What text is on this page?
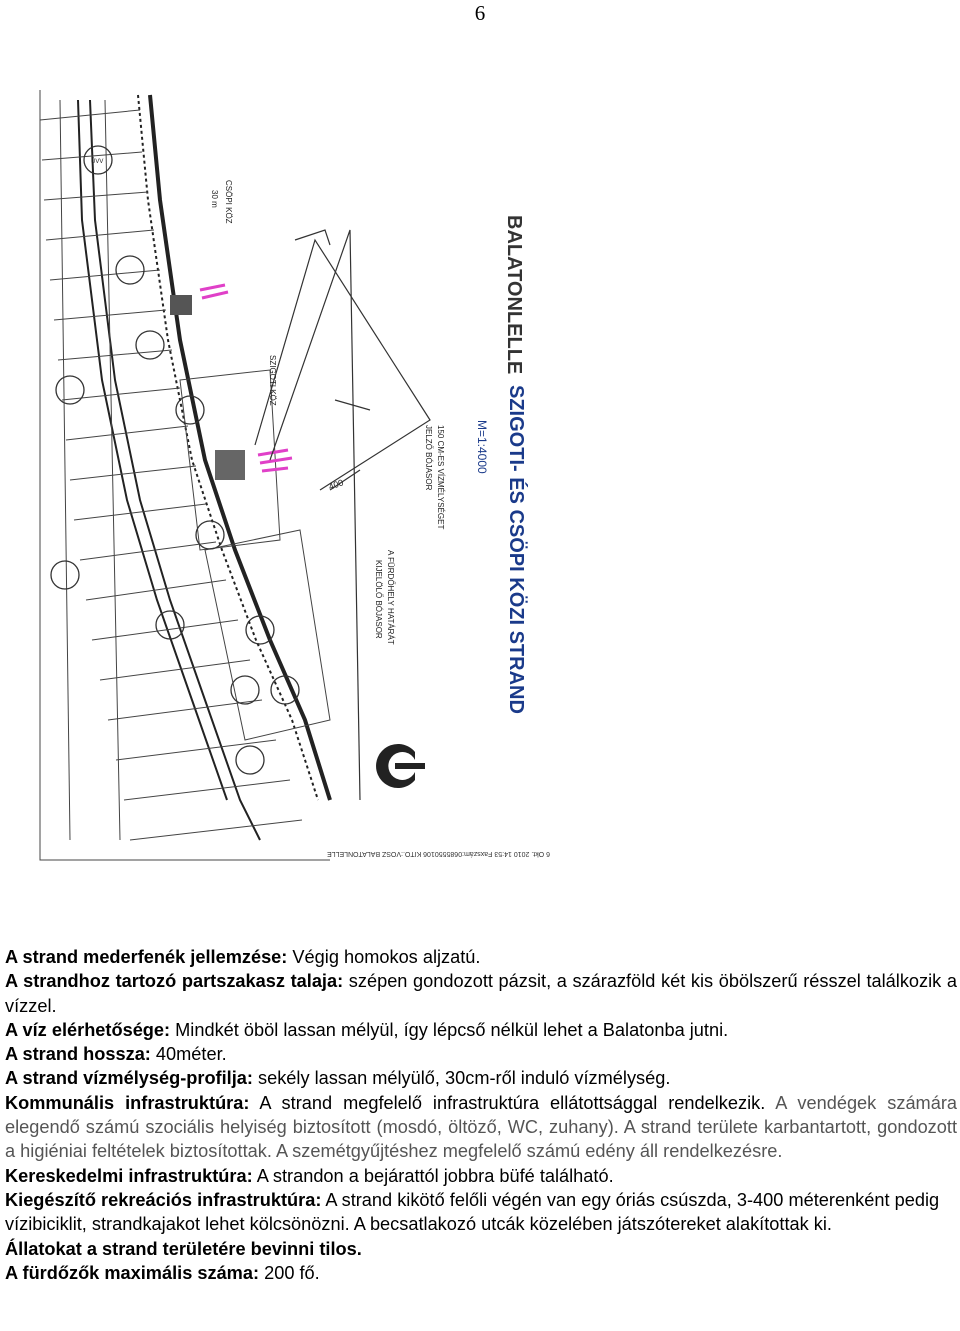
6
CSÖPI KÖZ
30 m
SZIGOTI KÖZ
150 CM-ES VÍZMÉLYSÉGET
JELZŐ BÓJASOR
A FÜRDŐHELY HATÁRÁT
KIJELÖLŐ BÓJASOR
400
BALATONLELLE
SZIGOTI- ÉS CSÖPI KÖZI STRAND
M=1:4000
6 Okt. 2010 14:53 Faxszám:0685550106 KITO.:VOSZ BALATONLELLE
ÜVV

A strand mederfenék jellemzése: Végig homokos aljzatú.

A strandhoz tartozó partszakasz talaja: szépen gondozott pázsit, a szárazföld két kis öbölszerű résszel találkozik a vízzel.

A víz elérhetősége: Mindkét öböl lassan mélyül, így lépcső nélkül lehet a Balatonba jutni.

A strand hossza: 40méter.

A strand vízmélység-profilja: sekély lassan mélyülő, 30cm-ről induló vízmélység.

Kommunális infrastruktúra: A strand megfelelő infrastruktúra ellátottsággal rendelkezik. A vendégek számára elegendő számú szociális helyiség biztosított (mosdó, öltöző, WC, zuhany). A strand területe karbantartott, gondozott a higiéniai feltételek biztosítottak. A szemétgyűjtéshez megfelelő számú edény áll rendelkezésre.

Kereskedelmi infrastruktúra: A strandon a bejárattól jobbra büfé található.

Kiegészítő rekreációs infrastruktúra: A strand kikötő felőli végén van egy óriás csúszda, 3-400 méterenként pedig vízibiciklit, strandkajakot lehet kölcsönözni. A becsatlakozó utcák közelében játszótereket alakítottak ki.

Állatokat a strand területére bevinni tilos.

A fürdőzők maximális száma: 200 fő.
